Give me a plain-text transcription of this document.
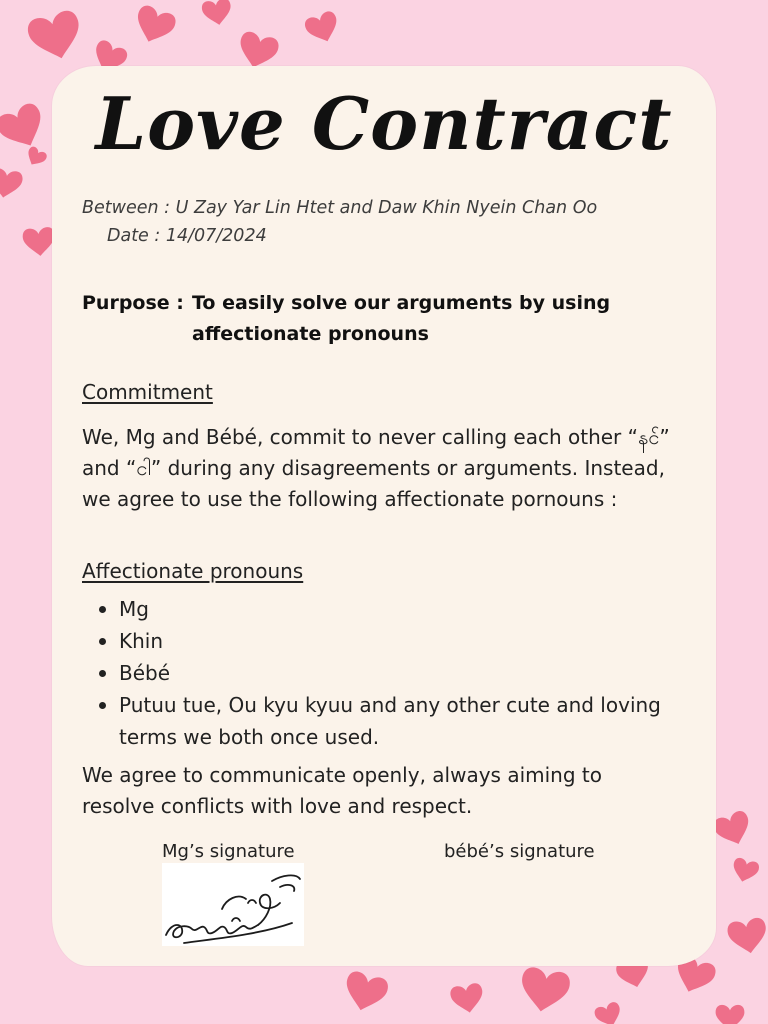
Love Contract
Between : U Zay Yar Lin Htet and Daw Khin Nyein Chan Oo
Date : 14/07/2024
Purpose : To easily solve our arguments by using affectionate pronouns
Commitment
We, Mg and Bébé, commit to never calling each other “နင်” and “ငါ” during any disagreements or arguments. Instead, we agree to use the following affectionate pornouns :
Affectionate pronouns
Mg
Khin
Bébé
Putuu tue, Ou kyu kyuu and any other cute and loving terms we both once used.
We agree to communicate openly, always aiming to resolve conflicts with love and respect.
Mg’s signature	bébé’s signature
